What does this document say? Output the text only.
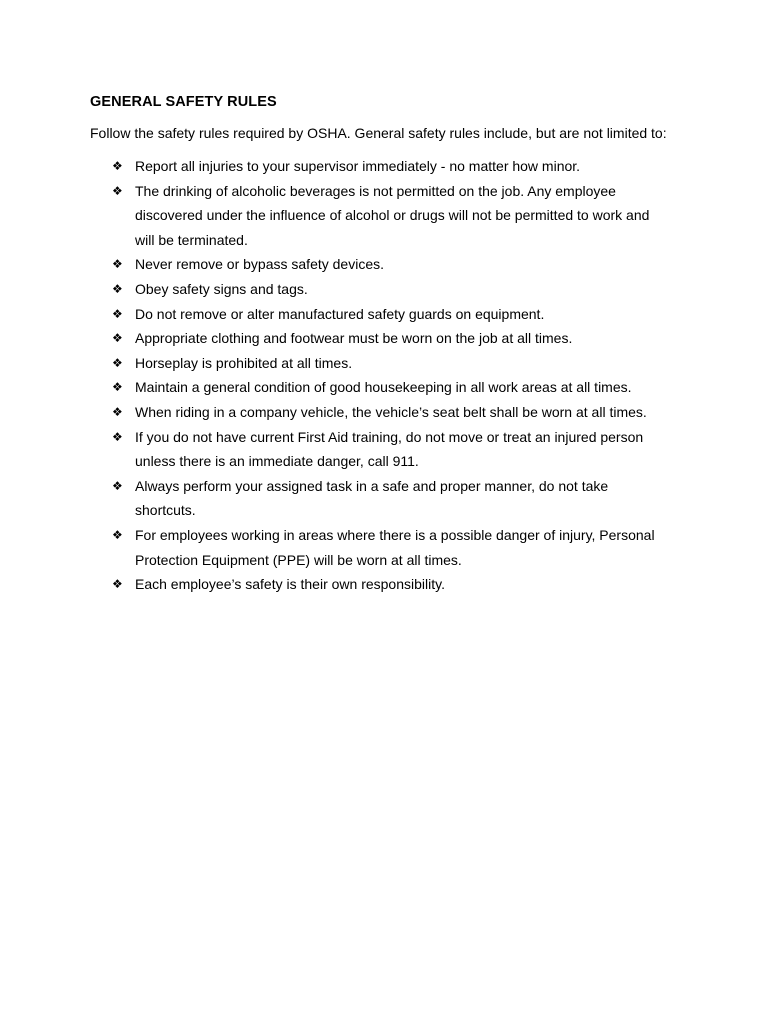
GENERAL SAFETY RULES

Follow the safety rules required by OSHA. General safety rules include, but are not limited to:

❖ Report all injuries to your supervisor immediately - no matter how minor.
❖ The drinking of alcoholic beverages is not permitted on the job. Any employee discovered under the influence of alcohol or drugs will not be permitted to work and will be terminated.
❖ Never remove or bypass safety devices.
❖ Obey safety signs and tags.
❖ Do not remove or alter manufactured safety guards on equipment.
❖ Appropriate clothing and footwear must be worn on the job at all times.
❖ Horseplay is prohibited at all times.
❖ Maintain a general condition of good housekeeping in all work areas at all times.
❖ When riding in a company vehicle, the vehicle’s seat belt shall be worn at all times.
❖ If you do not have current First Aid training, do not move or treat an injured person unless there is an immediate danger, call 911.
❖ Always perform your assigned task in a safe and proper manner, do not take shortcuts.
❖ For employees working in areas where there is a possible danger of injury, Personal Protection Equipment (PPE) will be worn at all times.
❖ Each employee’s safety is their own responsibility.
